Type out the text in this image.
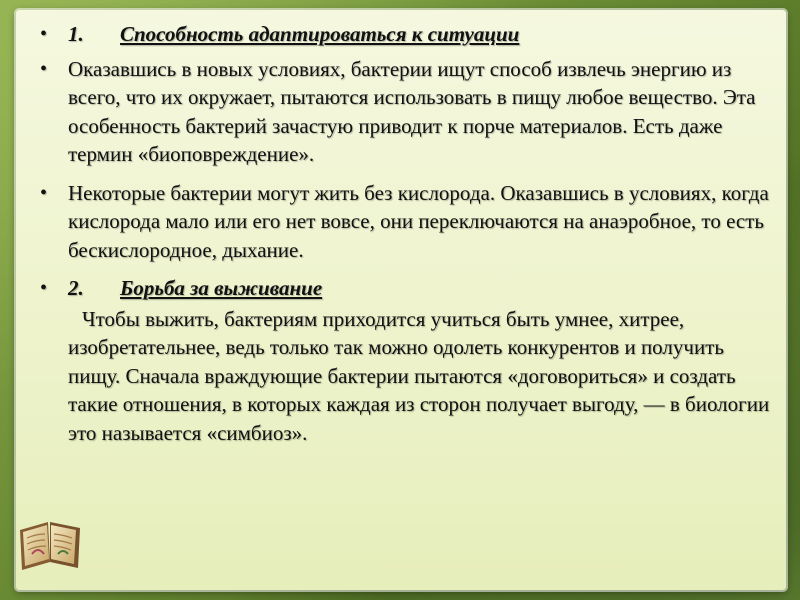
• 1. Способность адаптироваться к ситуации
• Оказавшись в новых условиях, бактерии ищут способ извлечь энергию из всего, что их окружает, пытаются использовать в пищу любое вещество. Эта особенность бактерий зачастую приводит к порче материалов. Есть даже термин «биоповреждение».
• Некоторые бактерии могут жить без кислорода. Оказавшись в условиях, когда кислорода мало или его нет вовсе, они переключаются на анаэробное, то есть бескислородное, дыхание.
• 2. Борьба за выживание
Чтобы выжить, бактериям приходится учиться быть умнее, хитрее, изобретательнее, ведь только так можно одолеть конкурентов и получить пищу. Сначала враждующие бактерии пытаются «договориться» и создать такие отношения, в которых каждая из сторон получает выгоду, — в биологии это называется «симбиоз».
